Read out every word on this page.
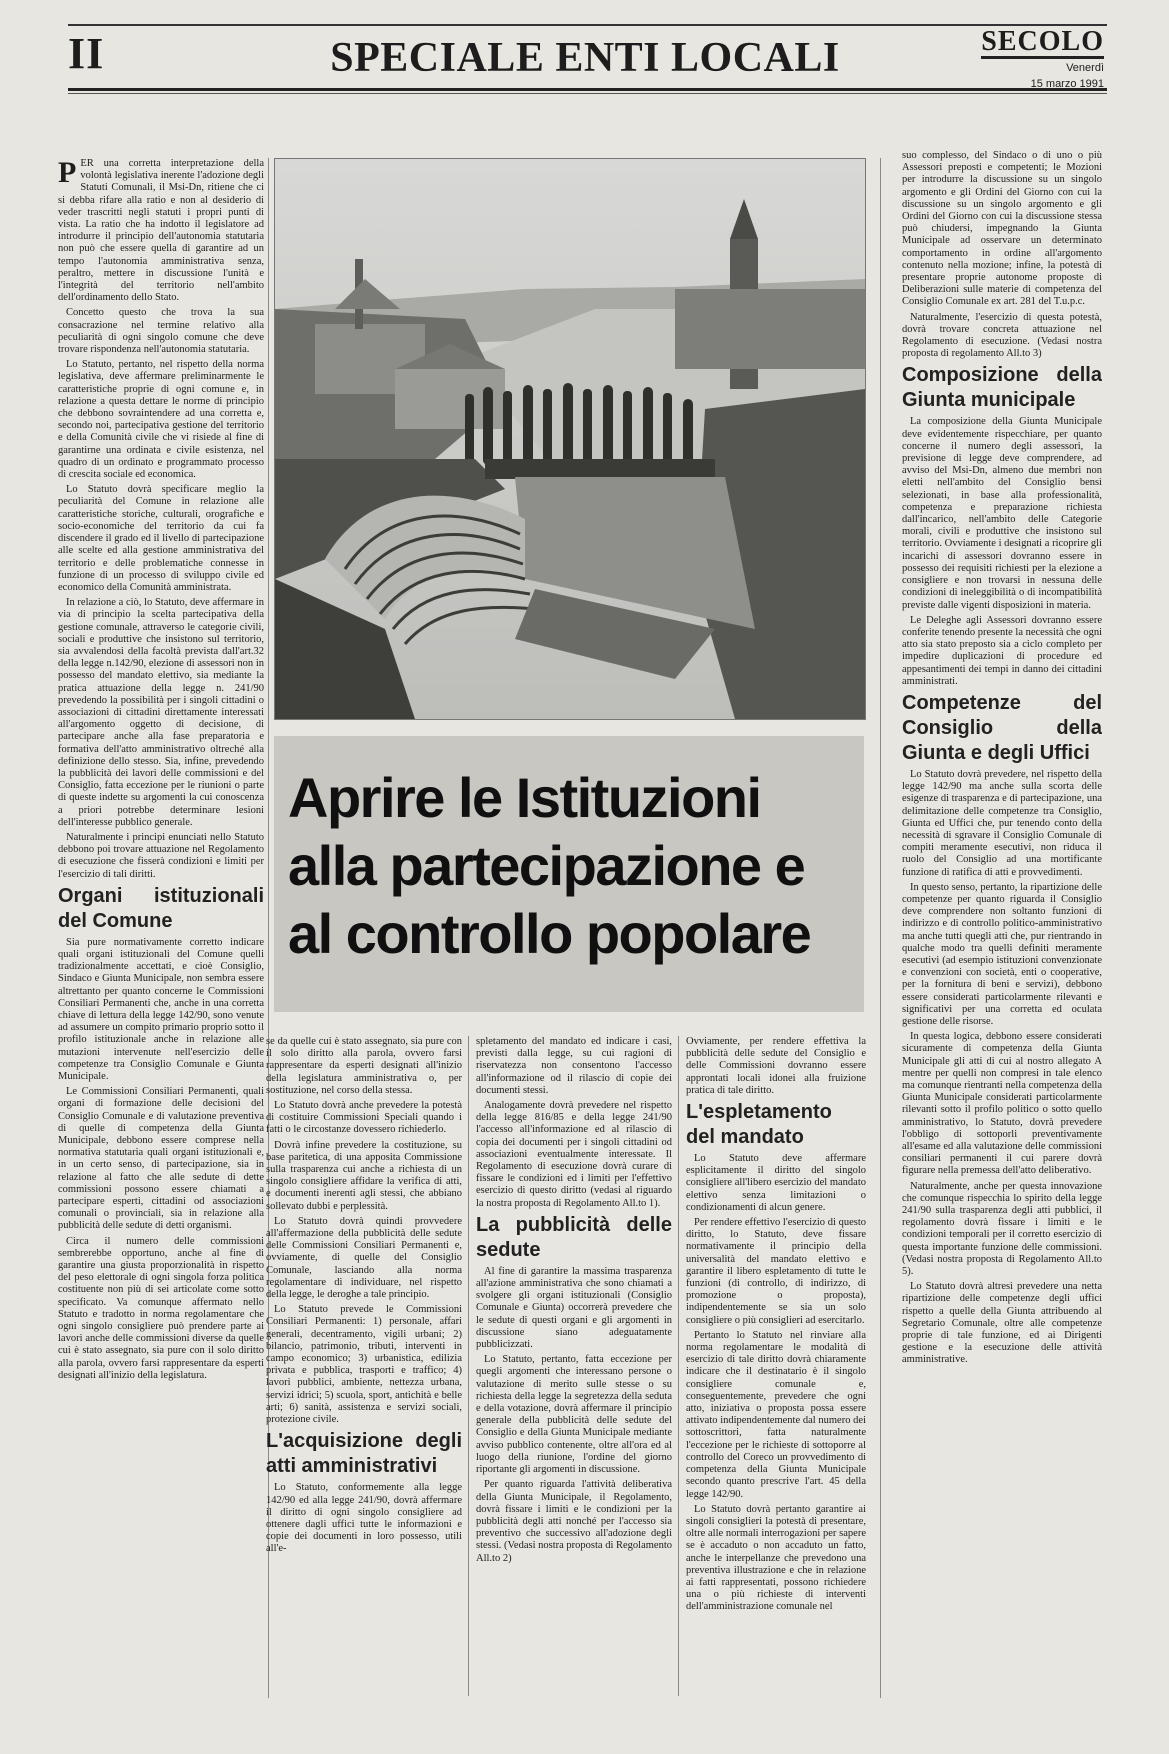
II	SPECIALE ENTI LOCALI	SECOLO
Venerdì
15 marzo 1991

PER una corretta interpretazione della volontà legislativa inerente l'adozione degli Statuti Comunali, il Msi-Dn, ritiene che ci si debba rifare alla ratio e non al desiderio di veder trascritti negli statuti i propri punti di vista. La ratio che ha indotto il legislatore ad introdurre il principio dell'autonomia statutaria non può che essere quella di garantire ad un tempo l'autonomia amministrativa senza, peraltro, mettere in discussione l'unità e l'integrità del territorio nell'ambito dell'ordinamento dello Stato.

Concetto questo che trova la sua consacrazione nel termine relativo alla peculiarità di ogni singolo comune che deve trovare rispondenza nell'autonomia statutaria.

Lo Statuto, pertanto, nel rispetto della norma legislativa, deve affermare preliminarmente le caratteristiche proprie di ogni comune e, in relazione a questa dettare le norme di principio che debbono sovraintendere ad una corretta e, secondo noi, partecipativa gestione del territorio e della Comunità civile che vi risiede al fine di garantirne una ordinata e civile esistenza, nel quadro di un ordinato e programmato processo di crescita sociale ed economica.

Lo Statuto dovrà specificare meglio la peculiarità del Comune in relazione alle caratteristiche storiche, culturali, orografiche e socio-economiche del territorio da cui fa discendere il grado ed il livello di partecipazione alle scelte ed alla gestione amministrativa del territorio e delle problematiche connesse in funzione di un processo di sviluppo civile ed economico della Comunità amministrata.

In relazione a ciò, lo Statuto, deve affermare in via di principio la scelta partecipativa della gestione comunale, attraverso le categorie civili, sociali e produttive che insistono sul territorio, sia avvalendosi della facoltà prevista dall'art.32 della legge n.142/90, elezione di assessori non in possesso del mandato elettivo, sia mediante la pratica attuazione della legge n. 241/90 prevedendo la possibilità per i singoli cittadini o associazioni di cittadini direttamente interessati all'argomento oggetto di decisione, di partecipare anche alla fase preparatoria e formativa dell'atto amministrativo oltreché alla definizione dello stesso. Sia, infine, prevedendo la pubblicità dei lavori delle commissioni e del Consiglio, fatta eccezione per le riunioni o parte di queste indette su argomenti la cui conoscenza a priori potrebbe determinare lesioni dell'interesse pubblico generale.

Naturalmente i principi enunciati nello Statuto debbono poi trovare attuazione nel Regolamento di esecuzione che fisserà condizioni e limiti per l'esercizio di tali diritti.

Organi istituzionali del Comune

Sia pure normativamente corretto indicare quali organi istituzionali del Comune quelli tradizionalmente accettati, e cioè Consiglio, Sindaco e Giunta Municipale, non sembra essere altrettanto per quanto concerne le Commissioni Consiliari Permanenti che, anche in una corretta chiave di lettura della legge 142/90, sono venute ad assumere un compito primario proprio sotto il profilo istituzionale anche in relazione alle mutazioni intervenute nell'esercizio delle competenze tra Consiglio Comunale e Giunta Municipale.

Le Commissioni Consiliari Permanenti, quali organi di formazione delle decisioni del Consiglio Comunale e di valutazione preventiva di quelle di competenza della Giunta Municipale, debbono essere comprese nella normativa statutaria quali organi istituzionali e, in un certo senso, di partecipazione, sia in relazione al fatto che alle sedute di dette commissioni possono essere chiamati a partecipare esperti, cittadini od associazioni comunali o provinciali, sia in relazione alla pubblicità delle sedute di detti organismi.

Circa il numero delle commissioni sembrerebbe opportuno, anche al fine di garantire una giusta proporzionalità in rispetto del peso elettorale di ogni singola forza politica costituente non più di sei articolate come sotto specificato. Va comunque affermato nello Statuto e tradotto in norma regolamentare che ogni singolo consigliere può prendere parte ai lavori anche delle commissioni diverse da quelle cui è stato assegnato, sia pure con il solo diritto alla parola, ovvero farsi rappresentare da esperti designati all'inizio della legislatura.

Aprire le Istituzioni
alla partecipazione e
al controllo popolare

se da quelle cui è stato assegnato, sia pure con il solo diritto alla parola, ovvero farsi rappresentare da esperti designati all'inizio della legislatura amministrativa o, per sostituzione, nel corso della stessa.

Lo Statuto dovrà anche prevedere la potestà di costituire Commissioni Speciali quando i fatti o le circostanze dovessero richiederlo.

Dovrà infine prevedere la costituzione, su base paritetica, di una apposita Commissione sulla trasparenza cui anche a richiesta di un singolo consigliere affidare la verifica di atti, e documenti inerenti agli stessi, che abbiano sollevato dubbi e perplessità.

Lo Statuto dovrà quindi provvedere all'affermazione della pubblicità delle sedute delle Commissioni Consiliari Permanenti e, ovviamente, di quelle del Consiglio Comunale, lasciando alla norma regolamentare di individuare, nel rispetto della legge, le deroghe a tale principio.

Lo Statuto prevede le Commissioni Consiliari Permanenti: 1) personale, affari generali, decentramento, vigili urbani; 2) bilancio, patrimonio, tributi, interventi in campo economico; 3) urbanistica, edilizia privata e pubblica, trasporti e traffico; 4) lavori pubblici, ambiente, nettezza urbana, servizi idrici; 5) scuola, sport, antichità e belle arti; 6) sanità, assistenza e servizi sociali, protezione civile.

L'acquisizione degli atti amministrativi

Lo Statuto, conformemente alla legge 142/90 ed alla legge 241/90, dovrà affermare il diritto di ogni singolo consigliere ad ottenere dagli uffici tutte le informazioni e copie dei documenti in loro possesso, utili all'e-

spletamento del mandato ed indicare i casi, previsti dalla legge, su cui ragioni di riservatezza non consentono l'accesso all'informazione od il rilascio di copie dei documenti stessi.

Analogamente dovrà prevedere nel rispetto della legge 816/85 e della legge 241/90 l'accesso all'informazione ed al rilascio di copia dei documenti per i singoli cittadini od associazioni eventualmente interessate. Il Regolamento di esecuzione dovrà curare di fissare le condizioni ed i limiti per l'effettivo esercizio di questo diritto (vedasi al riguardo la nostra proposta di Regolamento All.to 1).

La pubblicità delle sedute

Al fine di garantire la massima trasparenza all'azione amministrativa che sono chiamati a svolgere gli organi istituzionali (Consiglio Comunale e Giunta) occorrerà prevedere che le sedute di questi organi e gli argomenti in discussione siano adeguatamente pubblicizzati.

Lo Statuto, pertanto, fatta eccezione per quegli argomenti che interessano persone o valutazione di merito sulle stesse o su richiesta della legge la segretezza della seduta e della votazione, dovrà affermare il principio generale della pubblicità delle sedute del Consiglio e della Giunta Municipale mediante avviso pubblico contenente, oltre all'ora ed al luogo della riunione, l'ordine del giorno riportante gli argomenti in discussione.

Per quanto riguarda l'attività deliberativa della Giunta Municipale, il Regolamento, dovrà fissare i limiti e le condizioni per la pubblicità degli atti nonché per l'accesso sia preventivo che successivo all'adozione degli stessi. (Vedasi nostra proposta di Regolamento All.to 2)

Ovviamente, per rendere effettiva la pubblicità delle sedute del Consiglio e delle Commissioni dovranno essere approntati locali idonei alla fruizione pratica di tale diritto.

L'espletamento del mandato

Lo Statuto deve affermare esplicitamente il diritto del singolo consigliere all'libero esercizio del mandato elettivo senza limitazioni o condizionamenti di alcun genere.

Per rendere effettivo l'esercizio di questo diritto, lo Statuto, deve fissare normativamente il principio della universalità del mandato elettivo e garantire il libero espletamento di tutte le funzioni (di controllo, di indirizzo, di promozione o proposta), indipendentemente se sia un solo consigliere o più consiglieri ad esercitarlo.

Pertanto lo Statuto nel rinviare alla norma regolamentare le modalità di esercizio di tale diritto dovrà chiaramente indicare che il destinatario è il singolo consigliere comunale e, conseguentemente, prevedere che ogni atto, iniziativa o proposta possa essere attivato indipendentemente dal numero dei sottoscrittori, fatta naturalmente l'eccezione per le richieste di sottoporre al controllo del Coreco un provvedimento di competenza della Giunta Municipale secondo quanto prescrive l'art. 45 della legge 142/90.

Lo Statuto dovrà pertanto garantire ai singoli consiglieri la potestà di presentare, oltre alle normali interrogazioni per sapere se è accaduto o non accaduto un fatto, anche le interpellanze che prevedono una preventiva illustrazione e che in relazione ai fatti rappresentati, possono richiedere una o più richieste di interventi dell'amministrazione comunale nel

suo complesso, del Sindaco o di uno o più Assessori preposti e competenti; le Mozioni per introdurre la discussione su un singolo argomento e gli Ordini del Giorno con cui la discussione su un singolo argomento e gli Ordini del Giorno con cui la discussione stessa può chiudersi, impegnando la Giunta Municipale ad osservare un determinato comportamento in ordine all'argomento contenuto nella mozione; infine, la potestà di presentare proprie autonome proposte di Deliberazioni sulle materie di competenza del Consiglio Comunale ex art. 281 del T.u.p.c.

Naturalmente, l'esercizio di questa potestà, dovrà trovare concreta attuazione nel Regolamento di esecuzione. (Vedasi nostra proposta di regolamento All.to 3)

Composizione della Giunta municipale

La composizione della Giunta Municipale deve evidentemente rispecchiare, per quanto concerne il numero degli assessori, la previsione di legge deve comprendere, ad avviso del Msi-Dn, almeno due membri non eletti nell'ambito del Consiglio bensì selezionati, in base alla professionalità, competenza e preparazione richiesta dall'incarico, nell'ambito delle Categorie morali, civili e produttive che insistono sul territorio. Ovviamente i designati a ricoprire gli incarichi di assessori dovranno essere in possesso dei requisiti richiesti per la elezione a consigliere e non trovarsi in nessuna delle condizioni di ineleggibilità o di incompatibilità previste dalle vigenti disposizioni in materia.

Le Deleghe agli Assessori dovranno essere conferite tenendo presente la necessità che ogni atto sia stato preposto sia a ciclo completo per impedire duplicazioni di procedure ed appesantimenti dei tempi in danno dei cittadini amministrati.

Competenze del Consiglio della Giunta e degli Uffici

Lo Statuto dovrà prevedere, nel rispetto della legge 142/90 ma anche sulla scorta delle esigenze di trasparenza e di partecipazione, una delimitazione delle competenze tra Consiglio, Giunta ed Uffici che, pur tenendo conto della necessità di sgravare il Consiglio Comunale di compiti meramente esecutivi, non riduca il ruolo del Consiglio ad una mortificante funzione di ratifica di atti e provvedimenti.

In questo senso, pertanto, la ripartizione delle competenze per quanto riguarda il Consiglio deve comprendere non soltanto funzioni di indirizzo e di controllo politico-amministrativo ma anche tutti quegli atti che, pur rientrando in qualche modo tra quelli definiti meramente esecutivi (ad esempio istituzioni convenzionate e convenzioni con società, enti o cooperative, per la fornitura di beni e servizi), debbono essere considerati particolarmente rilevanti e significativi per una corretta ed oculata gestione delle risorse.

In questa logica, debbono essere considerati sicuramente di competenza della Giunta Municipale gli atti di cui al nostro allegato A mentre per quelli non compresi in tale elenco ma comunque rientranti nella competenza della Giunta Municipale considerati particolarmente rilevanti sotto il profilo politico o sotto quello amministrativo, lo Statuto, dovrà prevedere l'obbligo di sottoporli preventivamente all'esame ed alla valutazione delle commissioni consiliari permanenti il cui parere dovrà figurare nella premessa dell'atto deliberativo.

Naturalmente, anche per questa innovazione che comunque rispecchia lo spirito della legge 241/90 sulla trasparenza degli atti pubblici, il regolamento dovrà fissare i limiti e le condizioni temporali per il corretto esercizio di questa importante funzione delle commissioni. (Vedasi nostra proposta di Regolamento All.to 5).

Lo Statuto dovrà altresì prevedere una netta ripartizione delle competenze degli uffici rispetto a quelle della Giunta attribuendo al Segretario Comunale, oltre alle competenze proprie di tale funzione, ed ai Dirigenti gestione e la esecuzione delle attività amministrative.
